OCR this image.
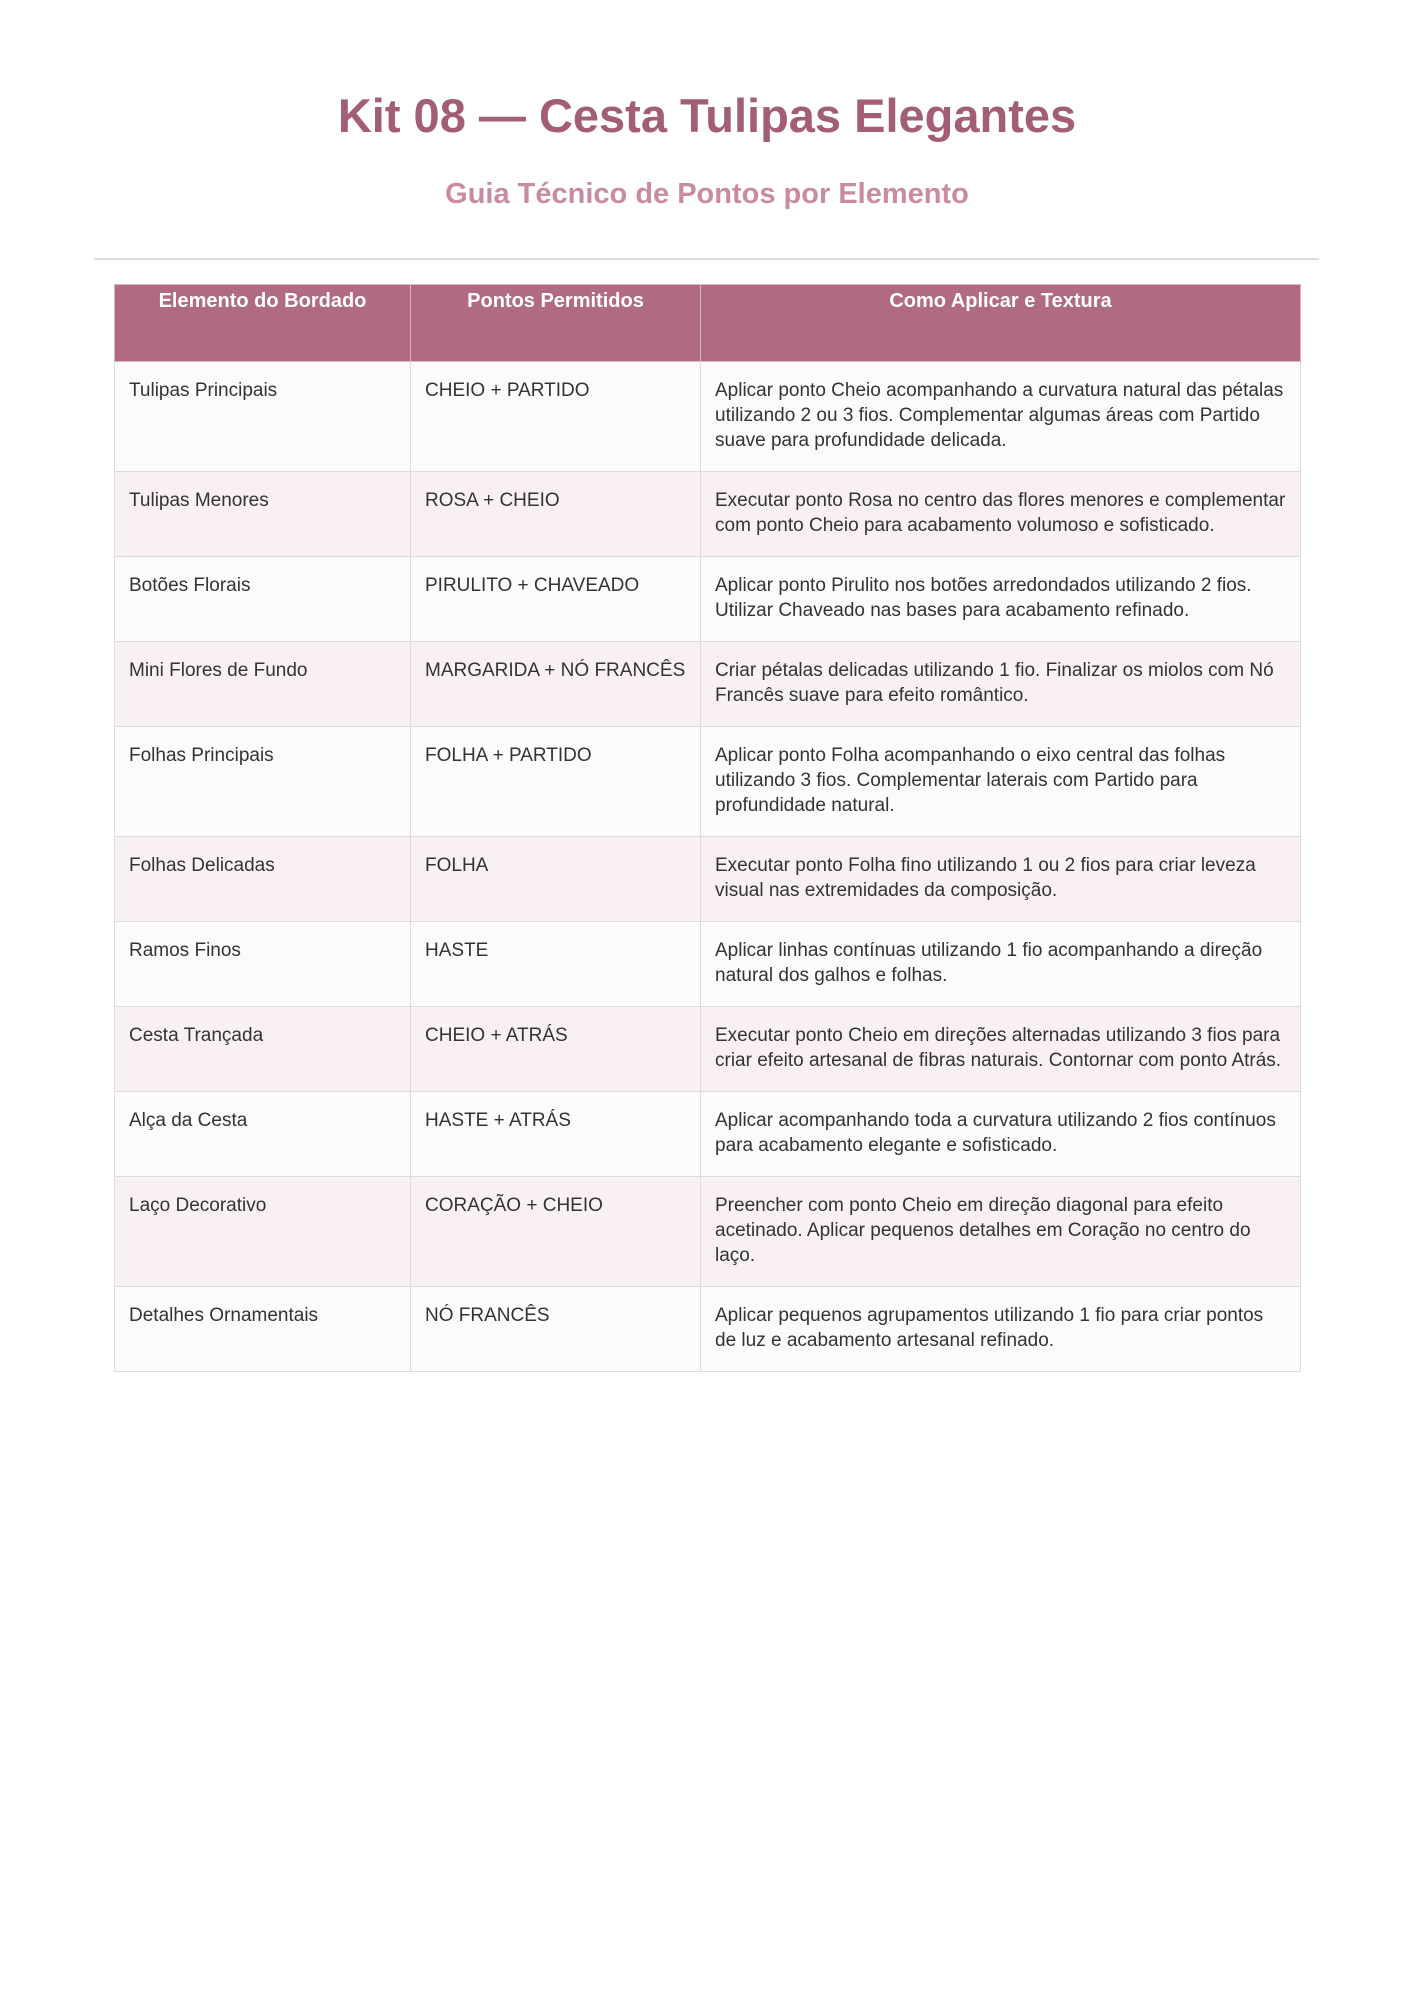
Kit 08 — Cesta Tulipas Elegantes
Guia Técnico de Pontos por Elemento
Elemento do Bordado	Pontos Permitidos	Como Aplicar e Textura
Tulipas Principais	CHEIO + PARTIDO	Aplicar ponto Cheio acompanhando a curvatura natural das pétalas utilizando 2 ou 3 fios. Complementar algumas áreas com Partido suave para profundidade delicada.
Tulipas Menores	ROSA + CHEIO	Executar ponto Rosa no centro das flores menores e complementar com ponto Cheio para acabamento volumoso e sofisticado.
Botões Florais	PIRULITO + CHAVEADO	Aplicar ponto Pirulito nos botões arredondados utilizando 2 fios. Utilizar Chaveado nas bases para acabamento refinado.
Mini Flores de Fundo	MARGARIDA + NÓ FRANCÊS	Criar pétalas delicadas utilizando 1 fio. Finalizar os miolos com Nó Francês suave para efeito romântico.
Folhas Principais	FOLHA + PARTIDO	Aplicar ponto Folha acompanhando o eixo central das folhas utilizando 3 fios. Complementar laterais com Partido para profundidade natural.
Folhas Delicadas	FOLHA	Executar ponto Folha fino utilizando 1 ou 2 fios para criar leveza visual nas extremidades da composição.
Ramos Finos	HASTE	Aplicar linhas contínuas utilizando 1 fio acompanhando a direção natural dos galhos e folhas.
Cesta Trançada	CHEIO + ATRÁS	Executar ponto Cheio em direções alternadas utilizando 3 fios para criar efeito artesanal de fibras naturais. Contornar com ponto Atrás.
Alça da Cesta	HASTE + ATRÁS	Aplicar acompanhando toda a curvatura utilizando 2 fios contínuos para acabamento elegante e sofisticado.
Laço Decorativo	CORAÇÃO + CHEIO	Preencher com ponto Cheio em direção diagonal para efeito acetinado. Aplicar pequenos detalhes em Coração no centro do laço.
Detalhes Ornamentais	NÓ FRANCÊS	Aplicar pequenos agrupamentos utilizando 1 fio para criar pontos de luz e acabamento artesanal refinado.
